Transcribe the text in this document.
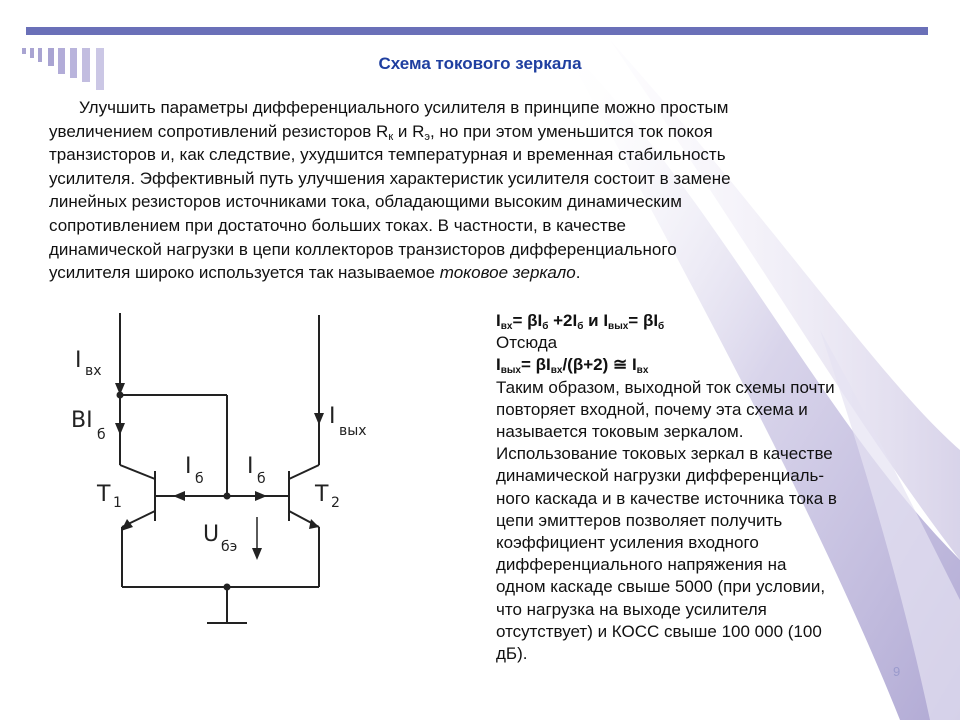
Схема токового зеркала
Улучшить параметры дифференциального усилителя в принципе можно простым
увеличением сопротивлений резисторов $R_к$ и $R_э$, но при этом уменьшится ток покоя
транзисторов и, как следствие, ухудшится температурная и временная стабильность
усилителя. Эффективный путь улучшения характеристик усилителя состоит в замене
линейных резисторов источниками тока, обладающими высоким динамическим
сопротивлением при достаточно больших токах. В частности, в качестве
динамической нагрузки в цепи коллекторов транзисторов дифференциального
усилителя широко используется так называемое токовое зеркало.
I вх
BI
б
I
вых
I б I б
T 1	T 2
U бэ
$I_{вх}= \beta I_б +2I_б$ и $I_{вых}= \beta I_б$
Отсюда
$I_{вых}= \beta I_{вх}/(\beta+2)$ ≅ $I_{вх}$
Таким образом, выходной ток схемы почти
повторяет входной, почему эта схема и
называется токовым зеркалом.
Использование токовых зеркал в качестве
динамической нагрузки дифференциаль-
ного каскада и в качестве источника тока в
цепи эмиттеров позволяет получить
коэффициент усиления входного
дифференциального напряжения на
одном каскаде свыше 5000 (при условии,
что нагрузка на выходе усилителя
отсутствует) и КОСС свыше 100 000 (100
дБ).
9
